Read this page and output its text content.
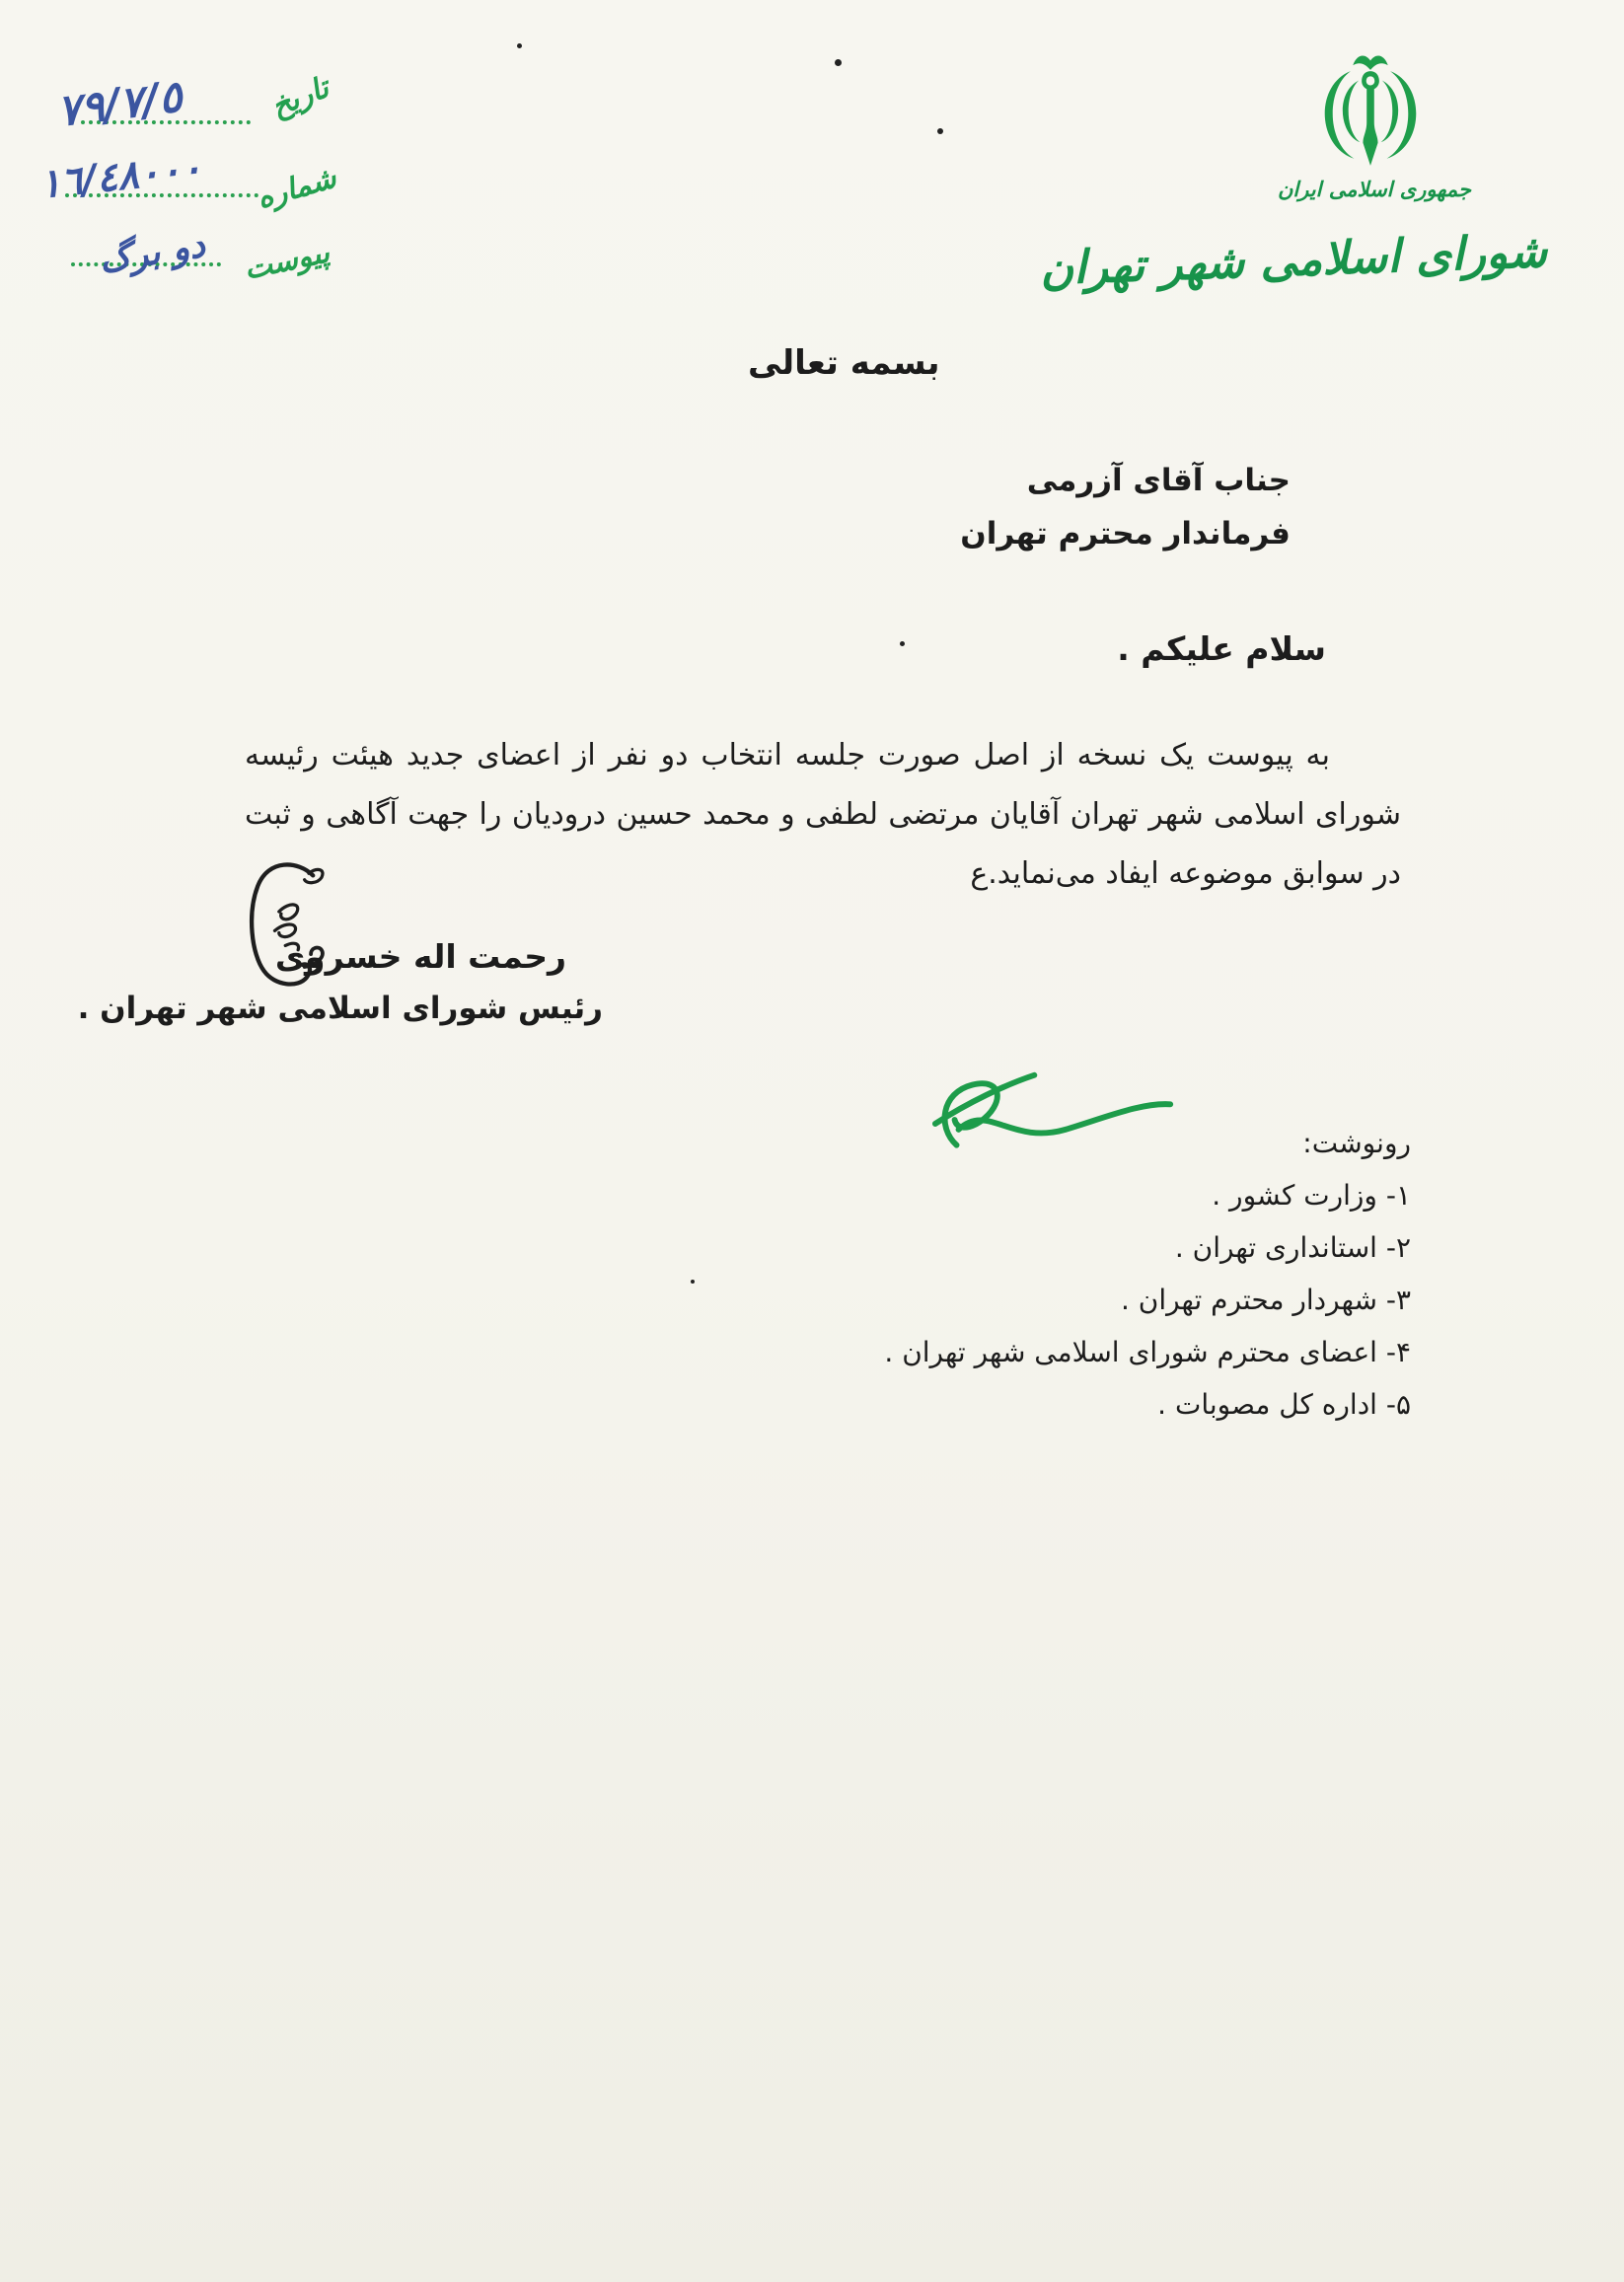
تاریخ
٧٩/٧/٥
شماره
١٦/٤٨٠٠٠
پیوست
دو برگ
جمهوری اسلامی ایران
شورای اسلامی شهر تهران
بسمه تعالی
جناب آقای آزرمی
فرماندار محترم تهران
سلام علیکم .
به پیوست یک نسخه از اصل صورت جلسه انتخاب دو نفر از اعضای جدید هیئت رئیسه شورای اسلامی شهر تهران آقایان مرتضی لطفی و محمد حسین درودیان را جهت آگاهی و ثبت در سوابق موضوعه ایفاد می‌نماید.ع
رحمت اله خسروی
رئیس شورای اسلامی شهر تهران .
رونوشت:
۱- وزارت کشور .
۲- استانداری تهران .
۳- شهردار محترم تهران .
۴- اعضای محترم شورای اسلامی شهر تهران .
۵- اداره کل مصوبات .
